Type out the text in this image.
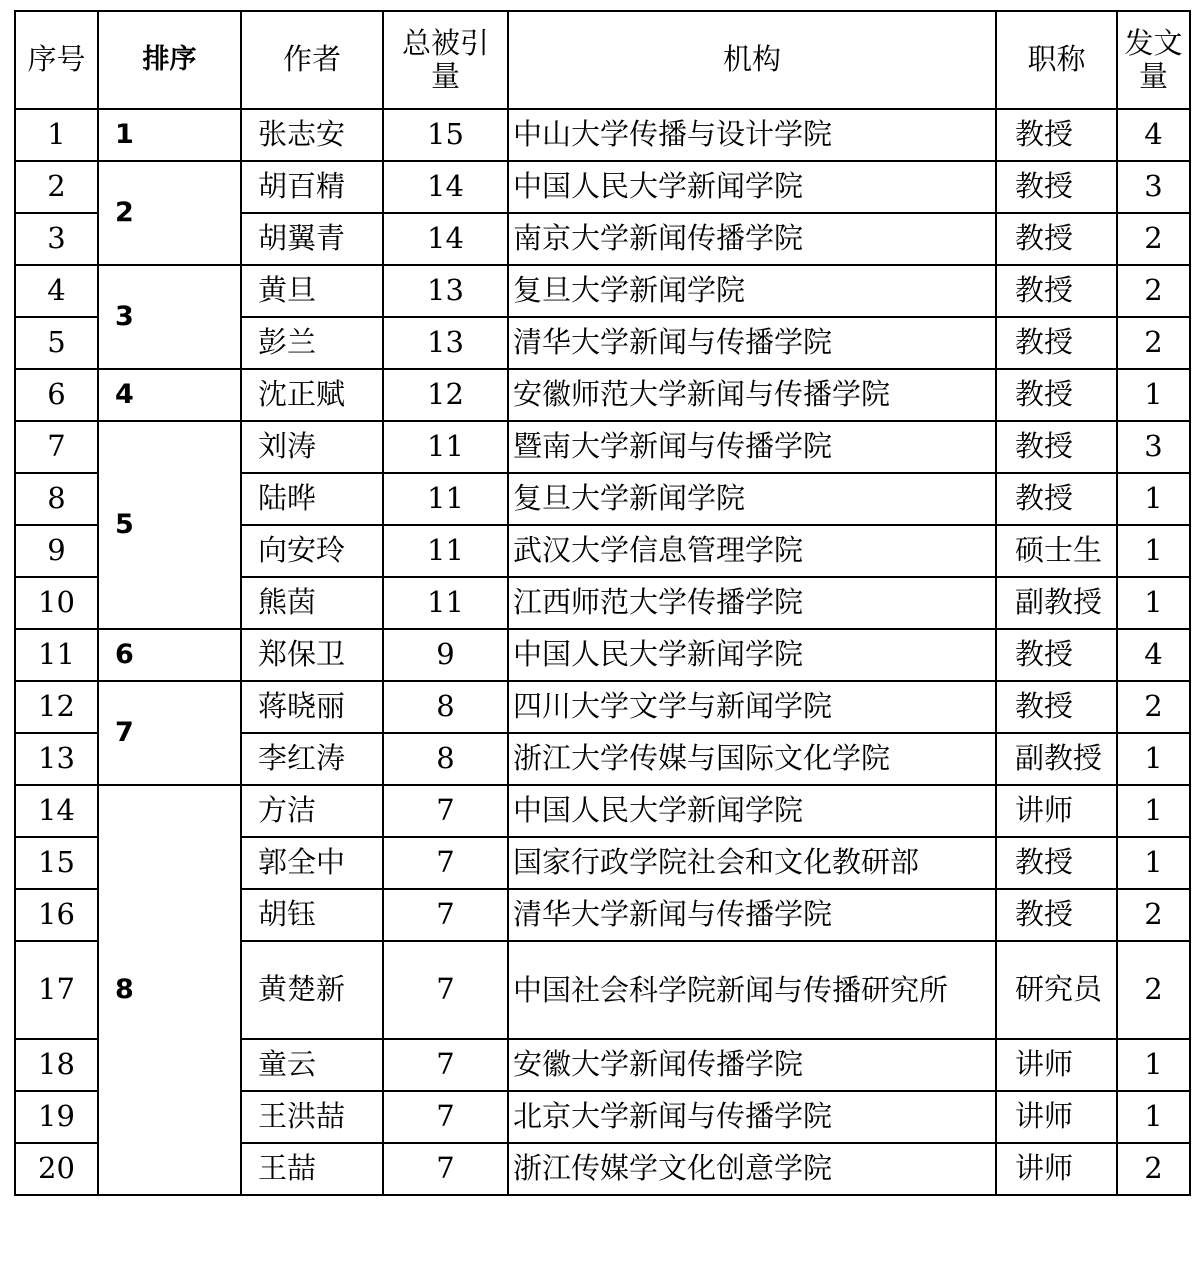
序号	排序	作者	总被引量	机构	职称	发文量
1	1	张志安	15	中山大学传播与设计学院	教授	4
2	2	胡百精	14	中国人民大学新闻学院	教授	3
3		胡翼青	14	南京大学新闻传播学院	教授	2
4	3	黄旦	13	复旦大学新闻学院	教授	2
5		彭兰	13	清华大学新闻与传播学院	教授	2
6	4	沈正赋	12	安徽师范大学新闻与传播学院	教授	1
7	5	刘涛	11	暨南大学新闻与传播学院	教授	3
8		陆晔	11	复旦大学新闻学院	教授	1
9		向安玲	11	武汉大学信息管理学院	硕士生	1
10		熊茵	11	江西师范大学传播学院	副教授	1
11	6	郑保卫	9	中国人民大学新闻学院	教授	4
12	7	蒋晓丽	8	四川大学文学与新闻学院	教授	2
13		李红涛	8	浙江大学传媒与国际文化学院	副教授	1
14	8	方洁	7	中国人民大学新闻学院	讲师	1
15		郭全中	7	国家行政学院社会和文化教研部	教授	1
16		胡钰	7	清华大学新闻与传播学院	教授	2
17		黄楚新	7	中国社会科学院新闻与传播研究所	研究员	2
18		童云	7	安徽大学新闻传播学院	讲师	1
19		王洪喆	7	北京大学新闻与传播学院	讲师	1
20		王喆	7	浙江传媒学文化创意学院	讲师	2
